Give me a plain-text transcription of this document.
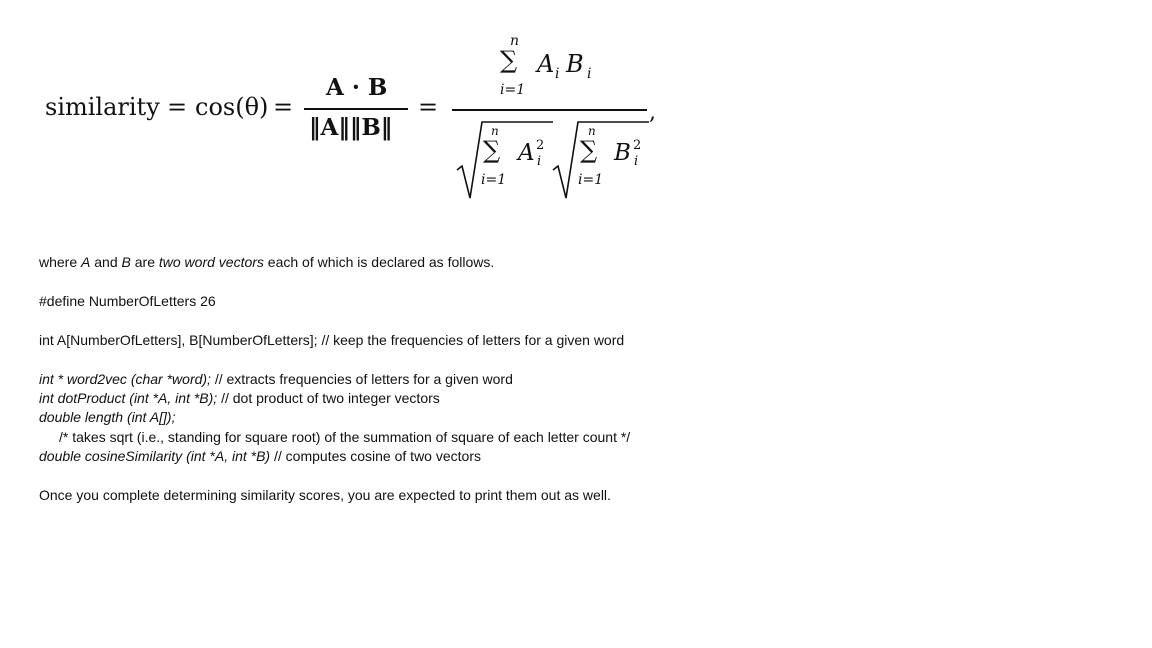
similarity = cos(θ) =
A · B
‖A‖‖B‖
=
n
∑
i=1
A i B i
,
n
∑
i=1
A 2
i
n
∑
i=1
B 2
i
where A and B are two word vectors each of which is declared as follows.
#define NumberOfLetters 26
int A[NumberOfLetters], B[NumberOfLetters]; // keep the frequencies of letters for a given word
int * word2vec (char *word); // extracts frequencies of letters for a given word
int dotProduct (int *A, int *B); // dot product of two integer vectors
double length (int A[]);
/* takes sqrt (i.e., standing for square root) of the summation of square of each letter count */
double cosineSimilarity (int *A, int *B) // computes cosine of two vectors
Once you complete determining similarity scores, you are expected to print them out as well.
